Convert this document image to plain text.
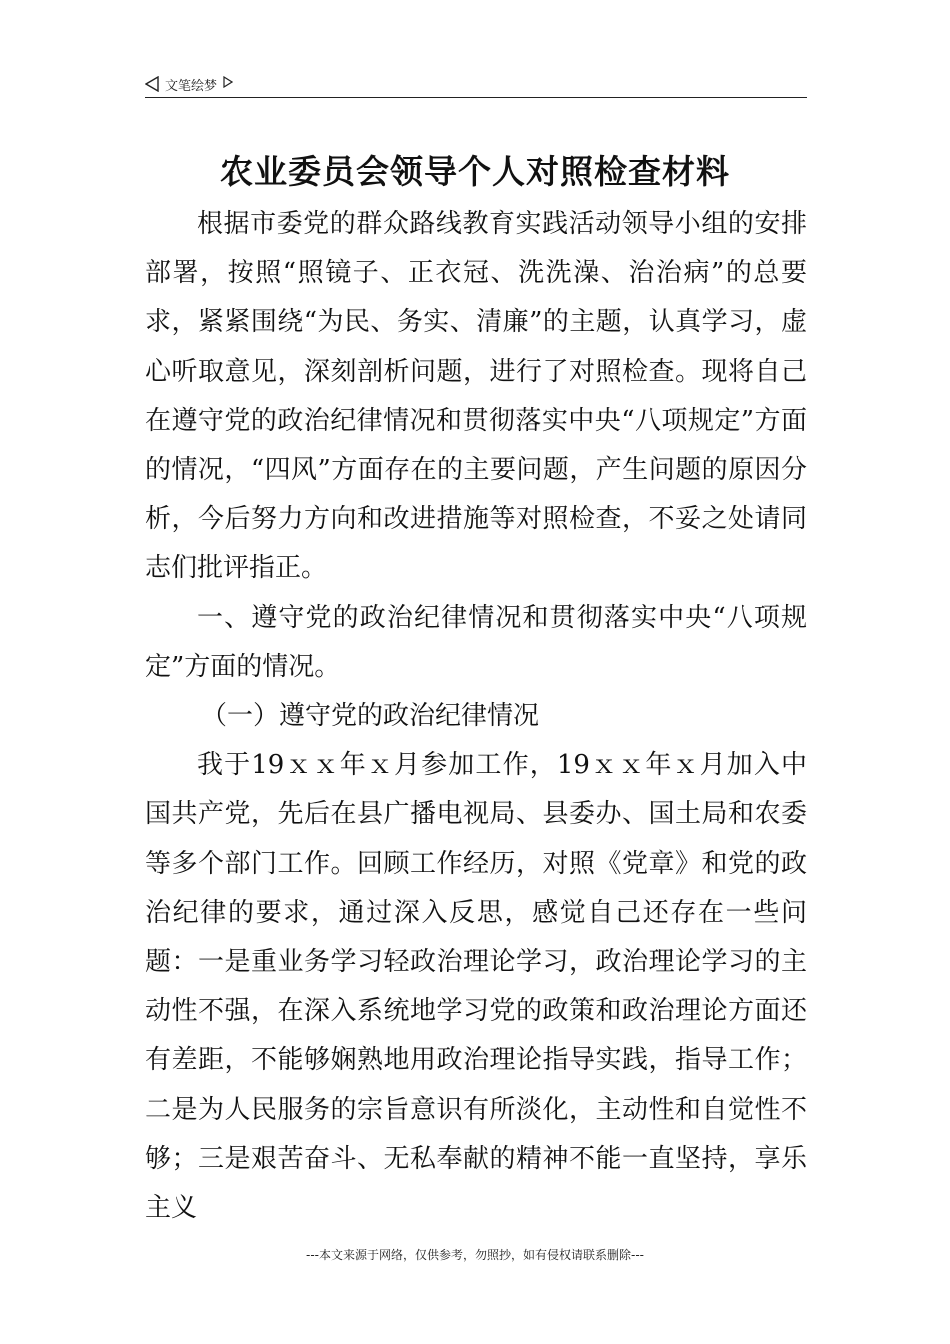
文笔绘梦
农业委员会领导个人对照检查材料

根据市委党的群众路线教育实践活动领导小组的安排部署，按照“照镜子、正衣冠、洗洗澡、治治病”的总要求，紧紧围绕“为民、务实、清廉”的主题，认真学习，虚心听取意见，深刻剖析问题，进行了对照检查。现将自己在遵守党的政治纪律情况和贯彻落实中央“八项规定”方面的情况，“四风”方面存在的主要问题，产生问题的原因分析，今后努力方向和改进措施等对照检查，不妥之处请同志们批评指正。

一、遵守党的政治纪律情况和贯彻落实中央“八项规定”方面的情况。

（一）遵守党的政治纪律情况

我于19ｘｘ年ｘ月参加工作，19ｘｘ年ｘ月加入中国共产党，先后在县广播电视局、县委办、国土局和农委等多个部门工作。回顾工作经历，对照《党章》和党的政治纪律的要求，通过深入反思，感觉自己还存在一些问题：一是重业务学习轻政治理论学习，政治理论学习的主动性不强，在深入系统地学习党的政策和政治理论方面还有差距，不能够娴熟地用政治理论指导实践，指导工作；二是为人民服务的宗旨意识有所淡化，主动性和自觉性不够；三是艰苦奋斗、无私奉献的精神不能一直坚持，享乐主义

---本文来源于网络，仅供参考，勿照抄，如有侵权请联系删除---
